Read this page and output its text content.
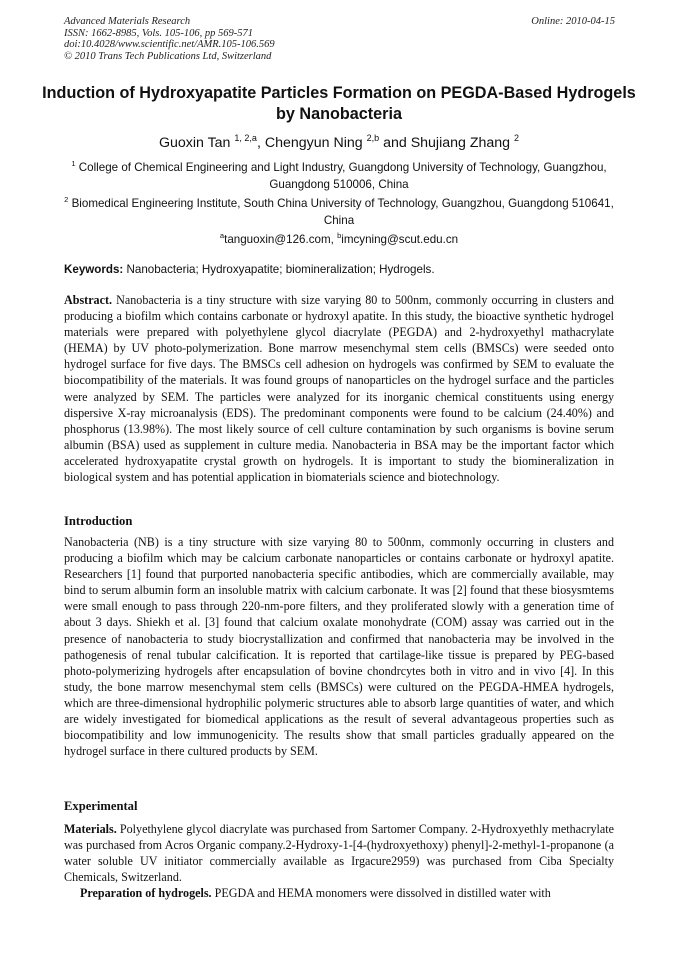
Advanced Materials Research
ISSN: 1662-8985, Vols. 105-106, pp 569-571
doi:10.4028/www.scientific.net/AMR.105-106.569
© 2010 Trans Tech Publications Ltd, Switzerland
Online: 2010-04-15
Induction of Hydroxyapatite Particles Formation on PEGDA-Based Hydrogels by Nanobacteria
Guoxin Tan $^{1, 2,a}$, Chengyun Ning $^{2,b}$ and Shujiang Zhang $^2$
$^1$ College of Chemical Engineering and Light Industry, Guangdong University of Technology, Guangzhou, Guangdong 510006, China
$^2$ Biomedical Engineering Institute, South China University of Technology, Guangzhou, Guangdong 510641, China
$^a$tanguoxin@126.com, $^b$imcyning@scut.edu.cn
Keywords: Nanobacteria; Hydroxyapatite; biomineralization; Hydrogels.

Abstract. Nanobacteria is a tiny structure with size varying 80 to 500nm, commonly occurring in clusters and producing a biofilm which contains carbonate or hydroxyl apatite. In this study, the bioactive synthetic hydrogel materials were prepared with polyethylene glycol diacrylate (PEGDA) and 2-hydroxyethyl mathacrylate (HEMA) by UV photo-polymerization. Bone marrow mesenchymal stem cells (BMSCs) were seeded onto hydrogel surface for five days. The BMSCs cell adhesion on hydrogels was confirmed by SEM to evaluate the biocompatibility of the materials. It was found groups of nanoparticles on the hydrogel surface and the particles were analyzed by SEM. The particles were analyzed for its inorganic chemical constituents using energy dispersive X-ray microanalysis (EDS). The predominant components were found to be calcium (24.40%) and phosphorus (13.98%). The most likely source of cell culture contamination by such organisms is bovine serum albumin (BSA) used as supplement in culture media. Nanobacteria in BSA may be the important factor which accelerated hydroxyapatite crystal growth on hydrogels. It is important to study the biomineralization in biological system and has potential application in biomaterials science and biotechnology.

Introduction

Nanobacteria (NB) is a tiny structure with size varying 80 to 500nm, commonly occurring in clusters and producing a biofilm which may be calcium carbonate nanoparticles or contains carbonate or hydroxyl apatite. Researchers [1] found that purported nanobacteria specific antibodies, which are commercially available, may bind to serum albumin form an insoluble matrix with calcium carbonate. It was [2] found that these biosysmtems were small enough to pass through 220-nm-pore filters, and they proliferated slowly with a generation time of about 3 days. Shiekh et al. [3] found that calcium oxalate monohydrate (COM) assay was carried out in the presence of nanobacteria to study biocrystallization and confirmed that nanobacteria may be involved in the pathogenesis of renal tubular calcification. It is reported that cartilage-like tissue is prepared by PEG-based photo-polymerizing hydrogels after encapsulation of bovine chondrcytes both in vitro and in vivo [4]. In this study, the bone marrow mesenchymal stem cells (BMSCs) were cultured on the PEGDA-HMEA hydrogels, which are three-dimensional hydrophilic polymeric structures able to absorb large quantities of water, and which are widely investigated for biomedical applications as the result of several advantageous properties such as biocompatibility and low immunogenicity. The results show that small particles gradually appeared on the hydrogel surface in there cultured products by SEM.

Experimental

Materials. Polyethylene glycol diacrylate was purchased from Sartomer Company. 2-Hydroxyethly methacrylate was purchased from Acros Organic company.2-Hydroxy-1-[4-(hydroxyethoxy) phenyl]-2-methyl-1-propanone (a water soluble UV initiator commercially available as Irgacure2959) was purchased from Ciba Specialty Chemicals, Switzerland.

Preparation of hydrogels. PEGDA and HEMA monomers were dissolved in distilled water with
